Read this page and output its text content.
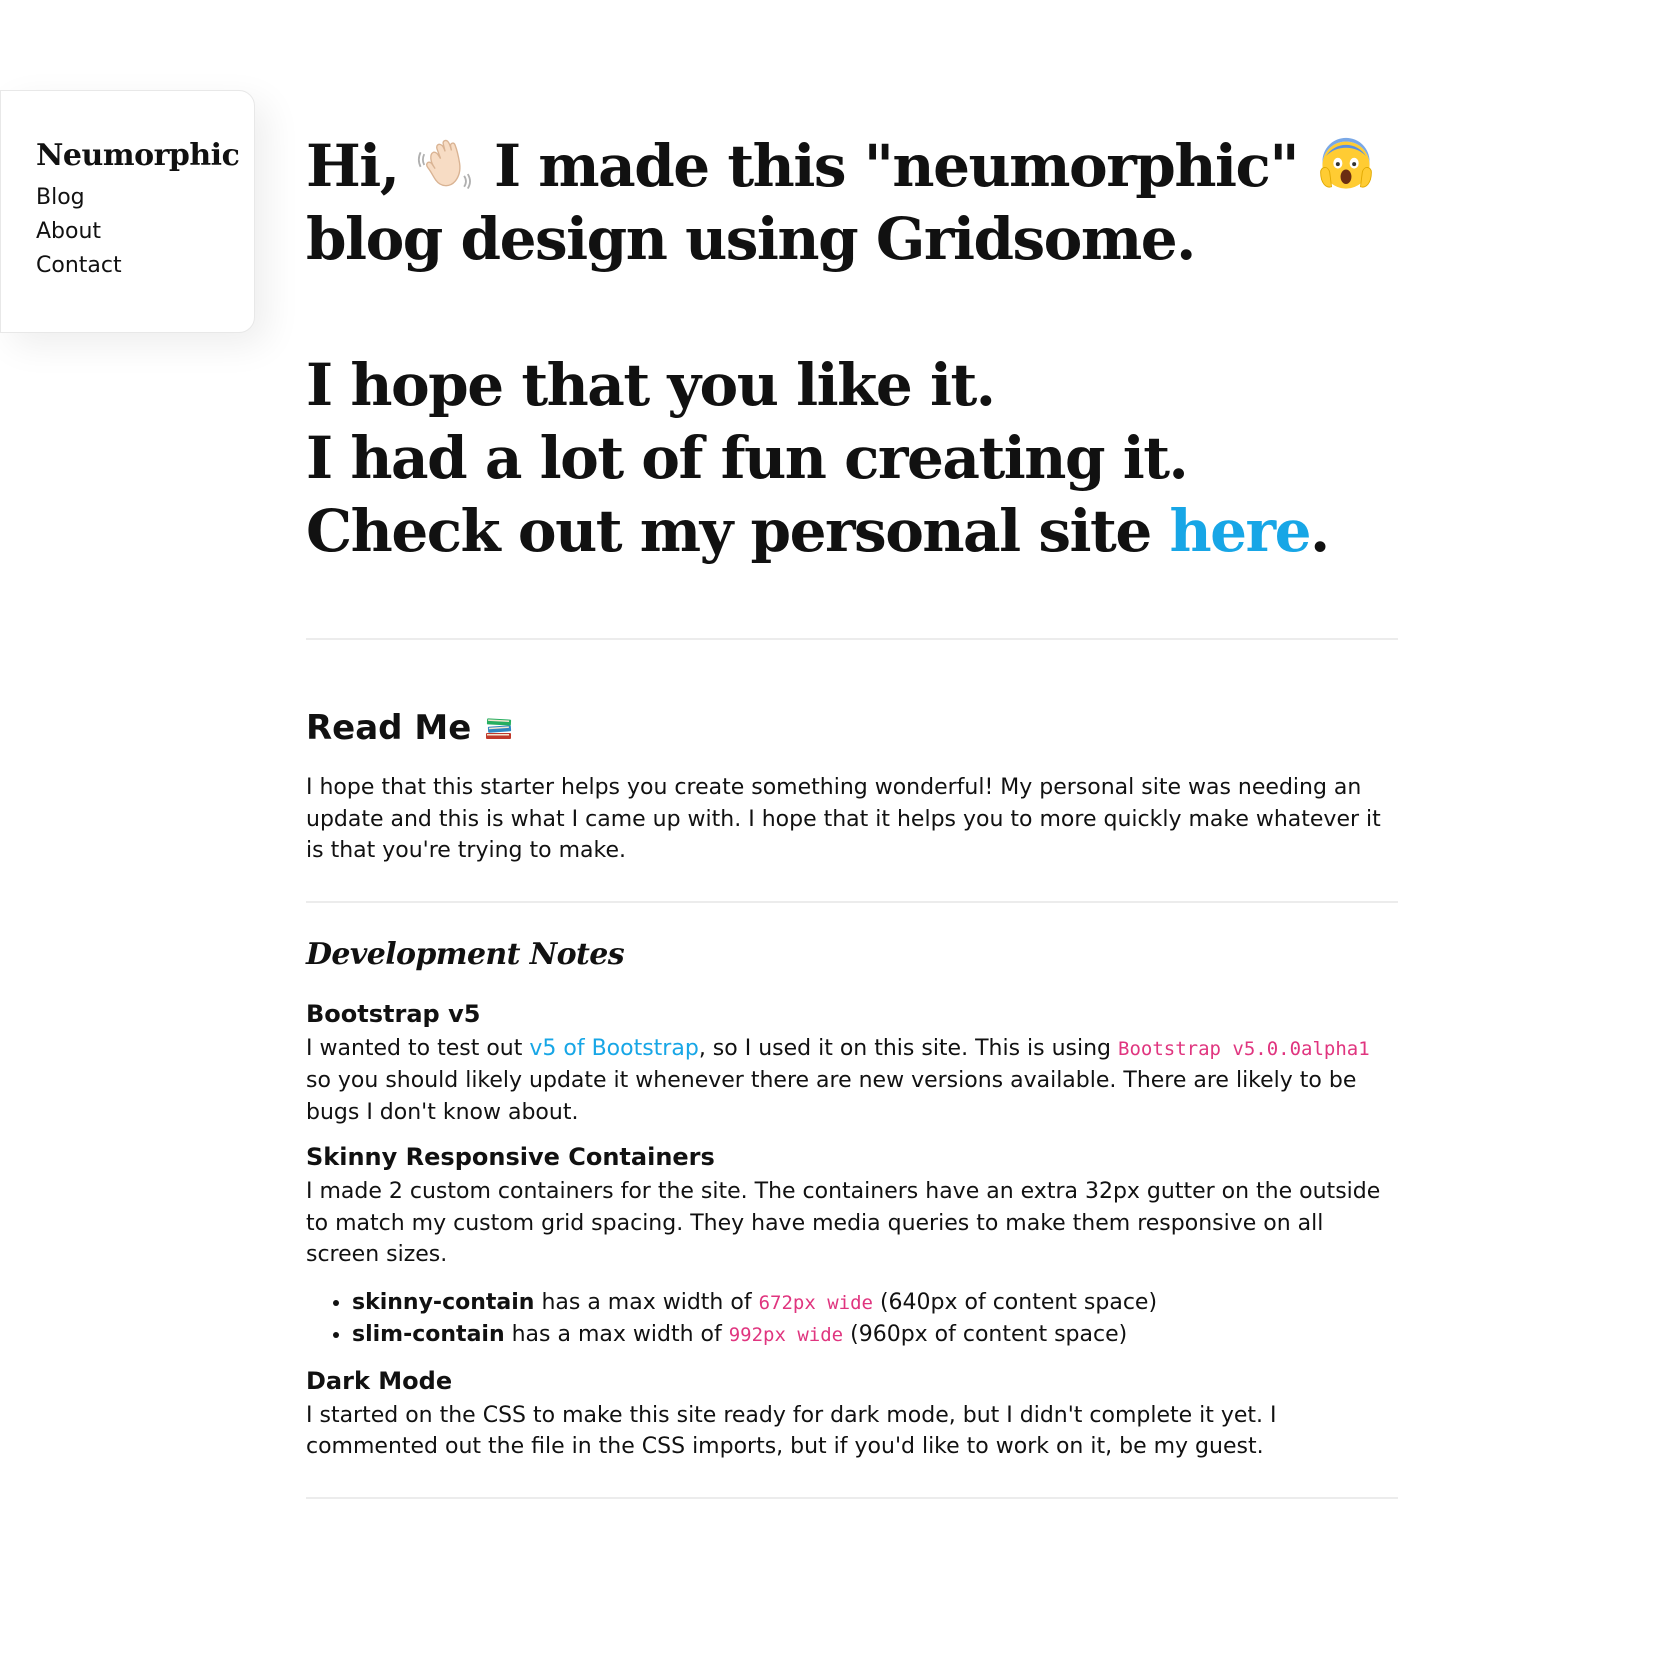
Neumorphic
Blog
About
Contact
Hi, I made this "neumorphic"
blog design using Gridsome.
I hope that you like it.
I had a lot of fun creating it.
Check out my personal site here.
Read Me

I hope that this starter helps you create something wonderful! My personal site was needing an update and this is what I came up with. I hope that it helps you to more quickly make whatever it is that you're trying to make.

Development Notes
Bootstrap v5

I wanted to test out v5 of Bootstrap, so I used it on this site. This is using Bootstrap v5.0.0alpha1 so you should likely update it whenever there are new versions available. There are likely to be bugs I don't know about.

Skinny Responsive Containers

I made 2 custom containers for the site. The containers have an extra 32px gutter on the outside to match my custom grid spacing. They have media queries to make them responsive on all screen sizes.

• skinny-contain has a max width of 672px wide (640px of content space)
• slim-contain has a max width of 992px wide (960px of content space)
Dark Mode

I started on the CSS to make this site ready for dark mode, but I didn't complete it yet. I commented out the file in the CSS imports, but if you'd like to work on it, be my guest.
